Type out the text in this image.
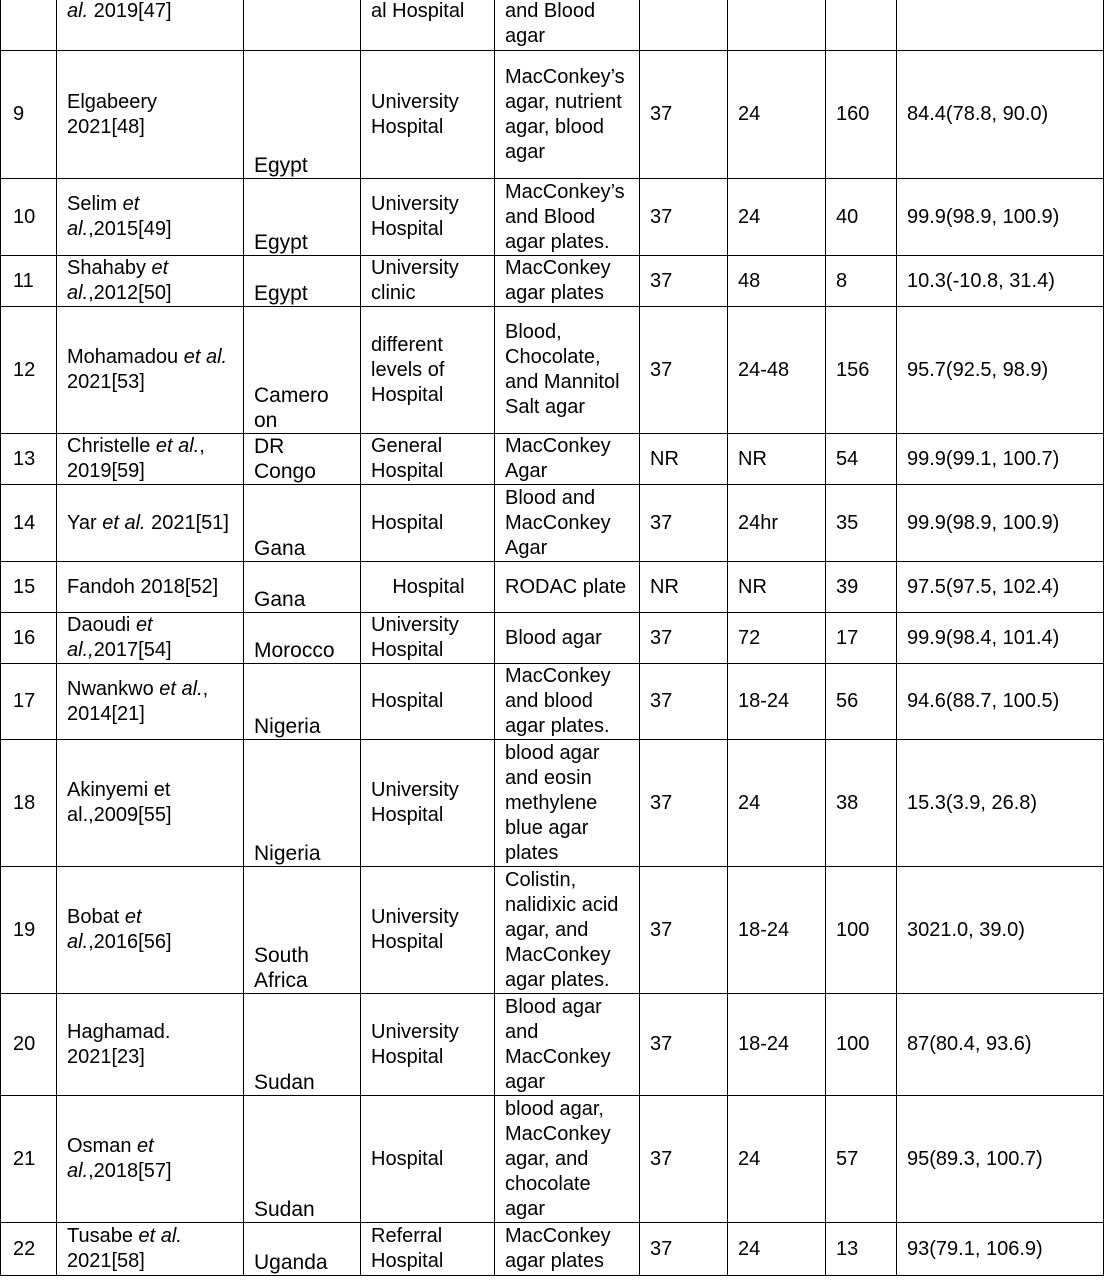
	al. 2019[47]		al Hospital	and Blood agar				
9	Elgabeery 2021[48]	Egypt	University Hospital	MacConkey’s agar, nutrient agar, blood agar	37	24	160	84.4(78.8, 90.0)
10	Selim et al.,2015[49]	Egypt	University Hospital	MacConkey’s and Blood agar plates.	37	24	40	99.9(98.9, 100.9)
11	Shahaby et al.,2012[50]	Egypt	University clinic	MacConkey agar plates	37	48	8	10.3(-10.8, 31.4)
12	Mohamadou et al. 2021[53]	Camero on	different levels of Hospital	Blood, Chocolate, and Mannitol Salt agar	37	24-48	156	95.7(92.5, 98.9)
13	Christelle et al., 2019[59]	DR Congo	General Hospital	MacConkey Agar	NR	NR	54	99.9(99.1, 100.7)
14	Yar et al. 2021[51]	Gana	Hospital	Blood and MacConkey Agar	37	24hr	35	99.9(98.9, 100.9)
15	Fandoh 2018[52]	Gana	Hospital	RODAC plate	NR	NR	39	97.5(97.5, 102.4)
16	Daoudi et al.,2017[54]	Morocco	University Hospital	Blood agar	37	72	17	99.9(98.4, 101.4)
17	Nwankwo et al., 2014[21]	Nigeria	Hospital	MacConkey and blood agar plates.	37	18-24	56	94.6(88.7, 100.5)
18	Akinyemi et al.,2009[55]	Nigeria	University Hospital	blood agar and eosin methylene blue agar plates	37	24	38	15.3(3.9, 26.8)
19	Bobat et al.,2016[56]	South Africa	University Hospital	Colistin, nalidixic acid agar, and MacConkey agar plates.	37	18-24	100	3021.0, 39.0)
20	Haghamad. 2021[23]	Sudan	University Hospital	Blood agar and MacConkey agar	37	18-24	100	87(80.4, 93.6)
21	Osman et al.,2018[57]	Sudan	Hospital	blood agar, MacConkey agar, and chocolate agar	37	24	57	95(89.3, 100.7)
22	Tusabe et al. 2021[58]	Uganda	Referral Hospital	MacConkey agar plates	37	24	13	93(79.1, 106.9)
